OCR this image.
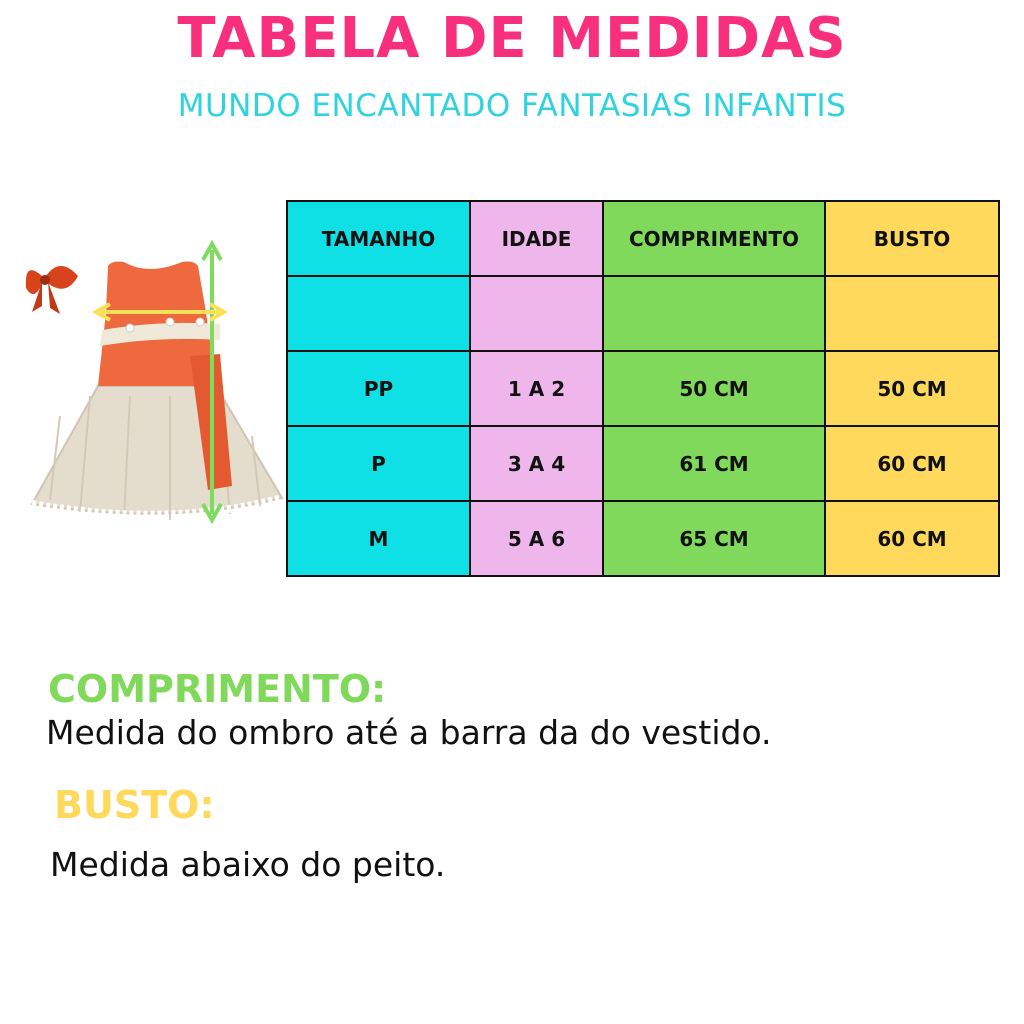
TABELA DE MEDIDAS
MUNDO ENCANTADO FANTASIAS INFANTIS
TAMANHO	IDADE	COMPRIMENTO	BUSTO

PP	1 A 2	50 CM	50 CM
P	3 A 4	61 CM	60 CM
M	5 A 6	65 CM	60 CM
COMPRIMENTO:
Medida do ombro até a barra da do vestido.
BUSTO:
Medida abaixo do peito.
